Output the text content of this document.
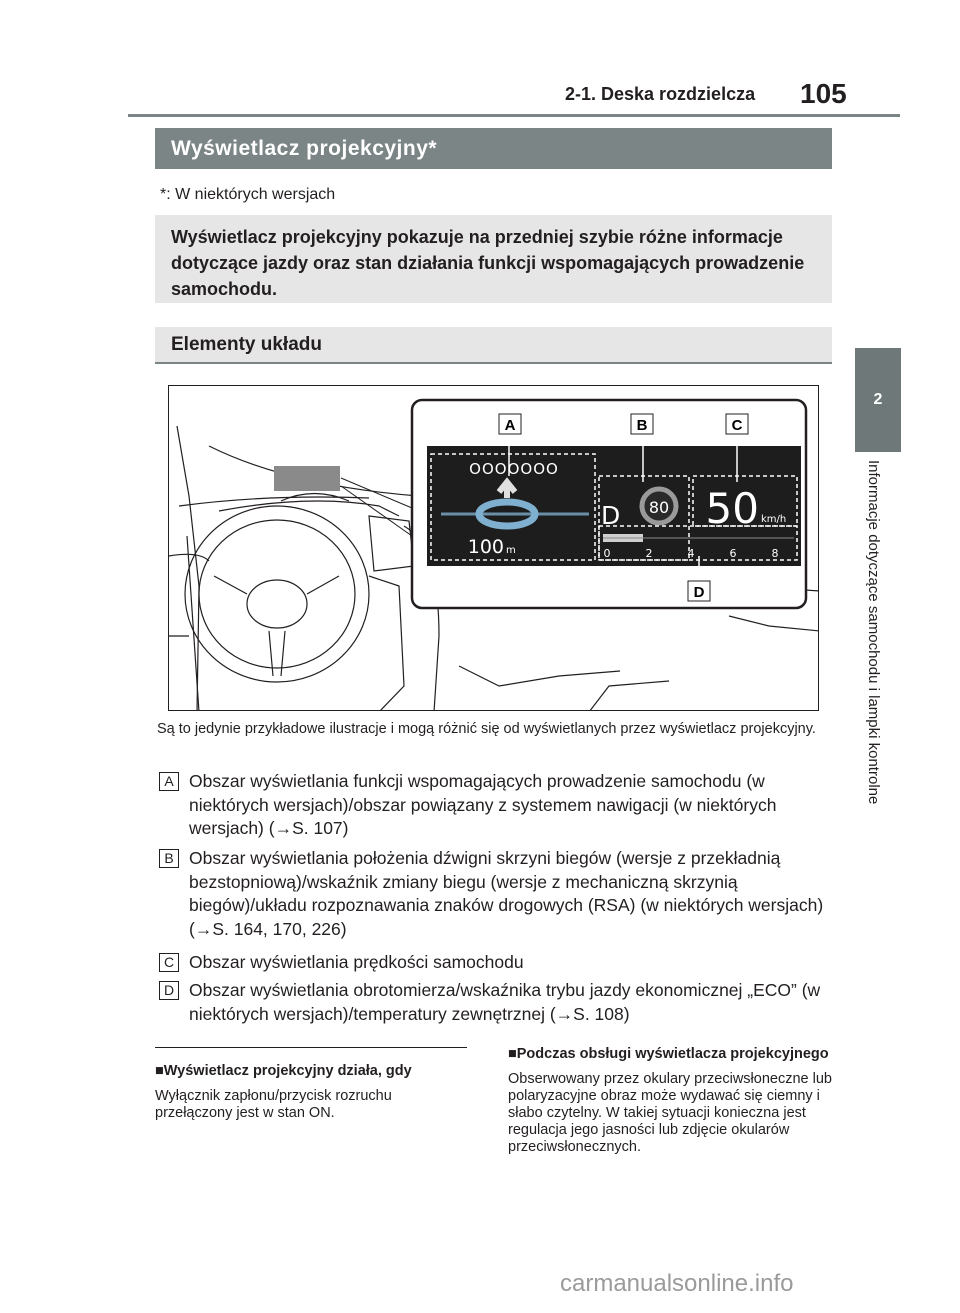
2-1. Deska rozdzielcza 105
2
Informacje dotyczące samochodu i lampki kontrolne
Wyświetlacz projekcyjny*
*: W niektórych wersjach
Wyświetlacz projekcyjny pokazuje na przedniej szybie różne informacje dotyczące jazdy oraz stan działania funkcji wspomagających prowadzenie samochodu.
Elementy układu
OOOOOOO
100 m
D 80 50 km/h
0	2	4	6	8
A	B	C
D
Są to jedynie przykładowe ilustracje i mogą różnić się od wyświetlanych przez wyświetlacz projekcyjny.
A Obszar wyświetlania funkcji wspomagających prowadzenie samochodu (w niektórych wersjach)/obszar powiązany z systemem nawigacji (w niektórych wersjach) (→S. 107)
B Obszar wyświetlania położenia dźwigni skrzyni biegów (wersje z przekładnią bezstopniową)/wskaźnik zmiany biegu (wersje z mechaniczną skrzynią biegów)/układu rozpoznawania znaków drogowych (RSA) (w niektórych wersjach) (→S. 164, 170, 226)
C Obszar wyświetlania prędkości samochodu
D Obszar wyświetlania obrotomierza/wskaźnika trybu jazdy ekonomicznej „ECO” (w niektórych wersjach)/temperatury zewnętrznej (→S. 108)
■Wyświetlacz projekcyjny działa, gdy

Wyłącznik zapłonu/przycisk rozruchu przełączony jest w stan ON.

■Podczas obsługi wyświetlacza projekcyjnego

Obserwowany przez okulary przeciwsłoneczne lub polaryzacyjne obraz może wydawać się ciemny i słabo czytelny. W takiej sytuacji konieczna jest regulacja jego jasności lub zdjęcie okularów przeciwsłonecznych.

carmanualsonline.info
